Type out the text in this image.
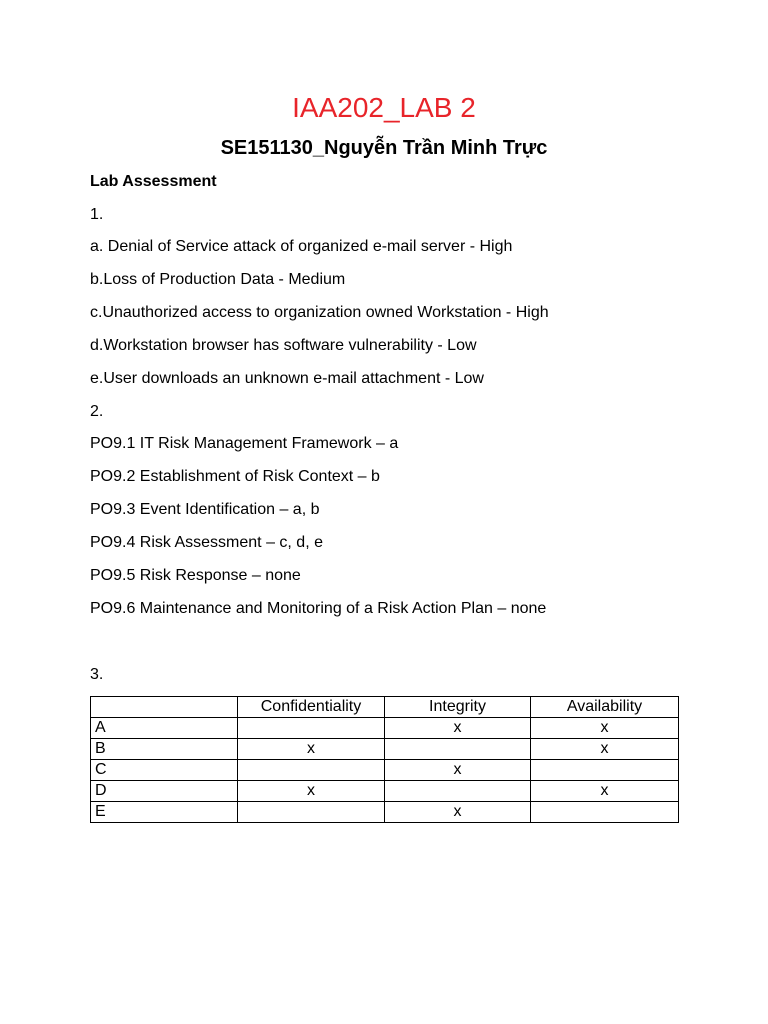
IAA202_LAB 2
SE151130_Nguyễn Trần Minh Trực
Lab Assessment
1.
a. Denial of Service attack of organized e-mail server - High
b.Loss of Production Data - Medium
c.Unauthorized access to organization owned Workstation - High
d.Workstation browser has software vulnerability - Low
e.User downloads an unknown e-mail attachment - Low
2.
PO9.1 IT Risk Management Framework – a
PO9.2 Establishment of Risk Context – b
PO9.3 Event Identification – a, b
PO9.4 Risk Assessment – c, d, e
PO9.5 Risk Response – none
PO9.6 Maintenance and Monitoring of a Risk Action Plan – none
3.
	Confidentiality	Integrity	Availability
A		x	x
B	x		x
C		x	
D	x		x
E		x	
